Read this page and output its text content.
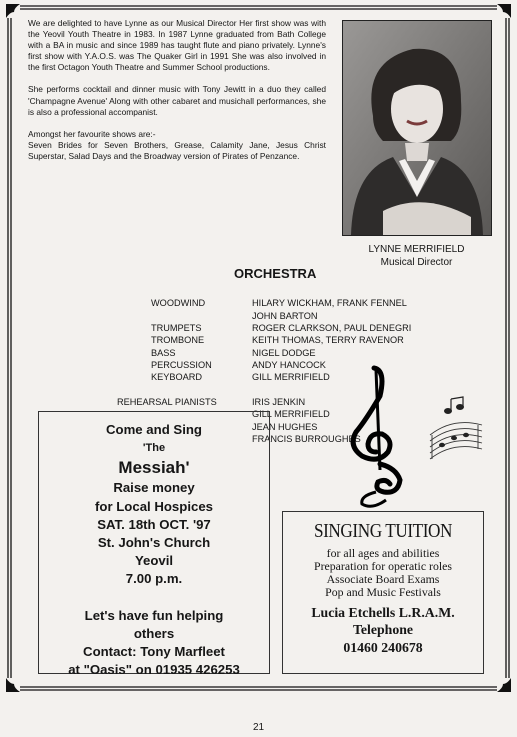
We are delighted to have Lynne as our Musical Director Her first show was with the Yeovil Youth Theatre in 1983. In 1987 Lynne graduated from Bath College with a BA in music and since 1989 has taught flute and piano privately. Lynne's first show with Y.A.O.S. was The Quaker Girl in 1991 She was also involved in the first Octagon Youth Theatre and Summer School productions.

She performs cocktail and dinner music with Tony Jewitt in a duo they called 'Champagne Avenue' Along with other cabaret and musichall performances, she is also a professional accompanist.

Amongst her favourite shows are:-

Seven Brides for Seven Brothers, Grease, Calamity Jane, Jesus Christ Superstar, Salad Days and the Broadway version of Pirates of Penzance.

LYNNE MERRIFIELD
Musical Director
ORCHESTRA
WOODWIND	HILARY WICKHAM, FRANK FENNEL
JOHN BARTON
TRUMPETS	ROGER CLARKSON, PAUL DENEGRI
TROMBONE	KEITH THOMAS, TERRY RAVENOR
BASS	NIGEL DODGE
PERCUSSION	ANDY HANCOCK
KEYBOARD	GILL MERRIFIELD
REHEARSAL PIANISTS	IRIS JENKIN
GILL MERRIFIELD
JEAN HUGHES
FRANCIS BURROUGHES
Come and Sing
'The
Messiah'
Raise money
for Local Hospices
SAT. 18th OCT. '97
St. John's Church
Yeovil
7.00 p.m.
Let's have fun helping
others
Contact: Tony Marfleet
at "Oasis" on 01935 426253
SINGING TUITION
for all ages and abilities
Preparation for operatic roles
Associate Board Exams
Pop and Music Festivals
Lucia Etchells L.R.A.M.
Telephone
01460 240678
21
